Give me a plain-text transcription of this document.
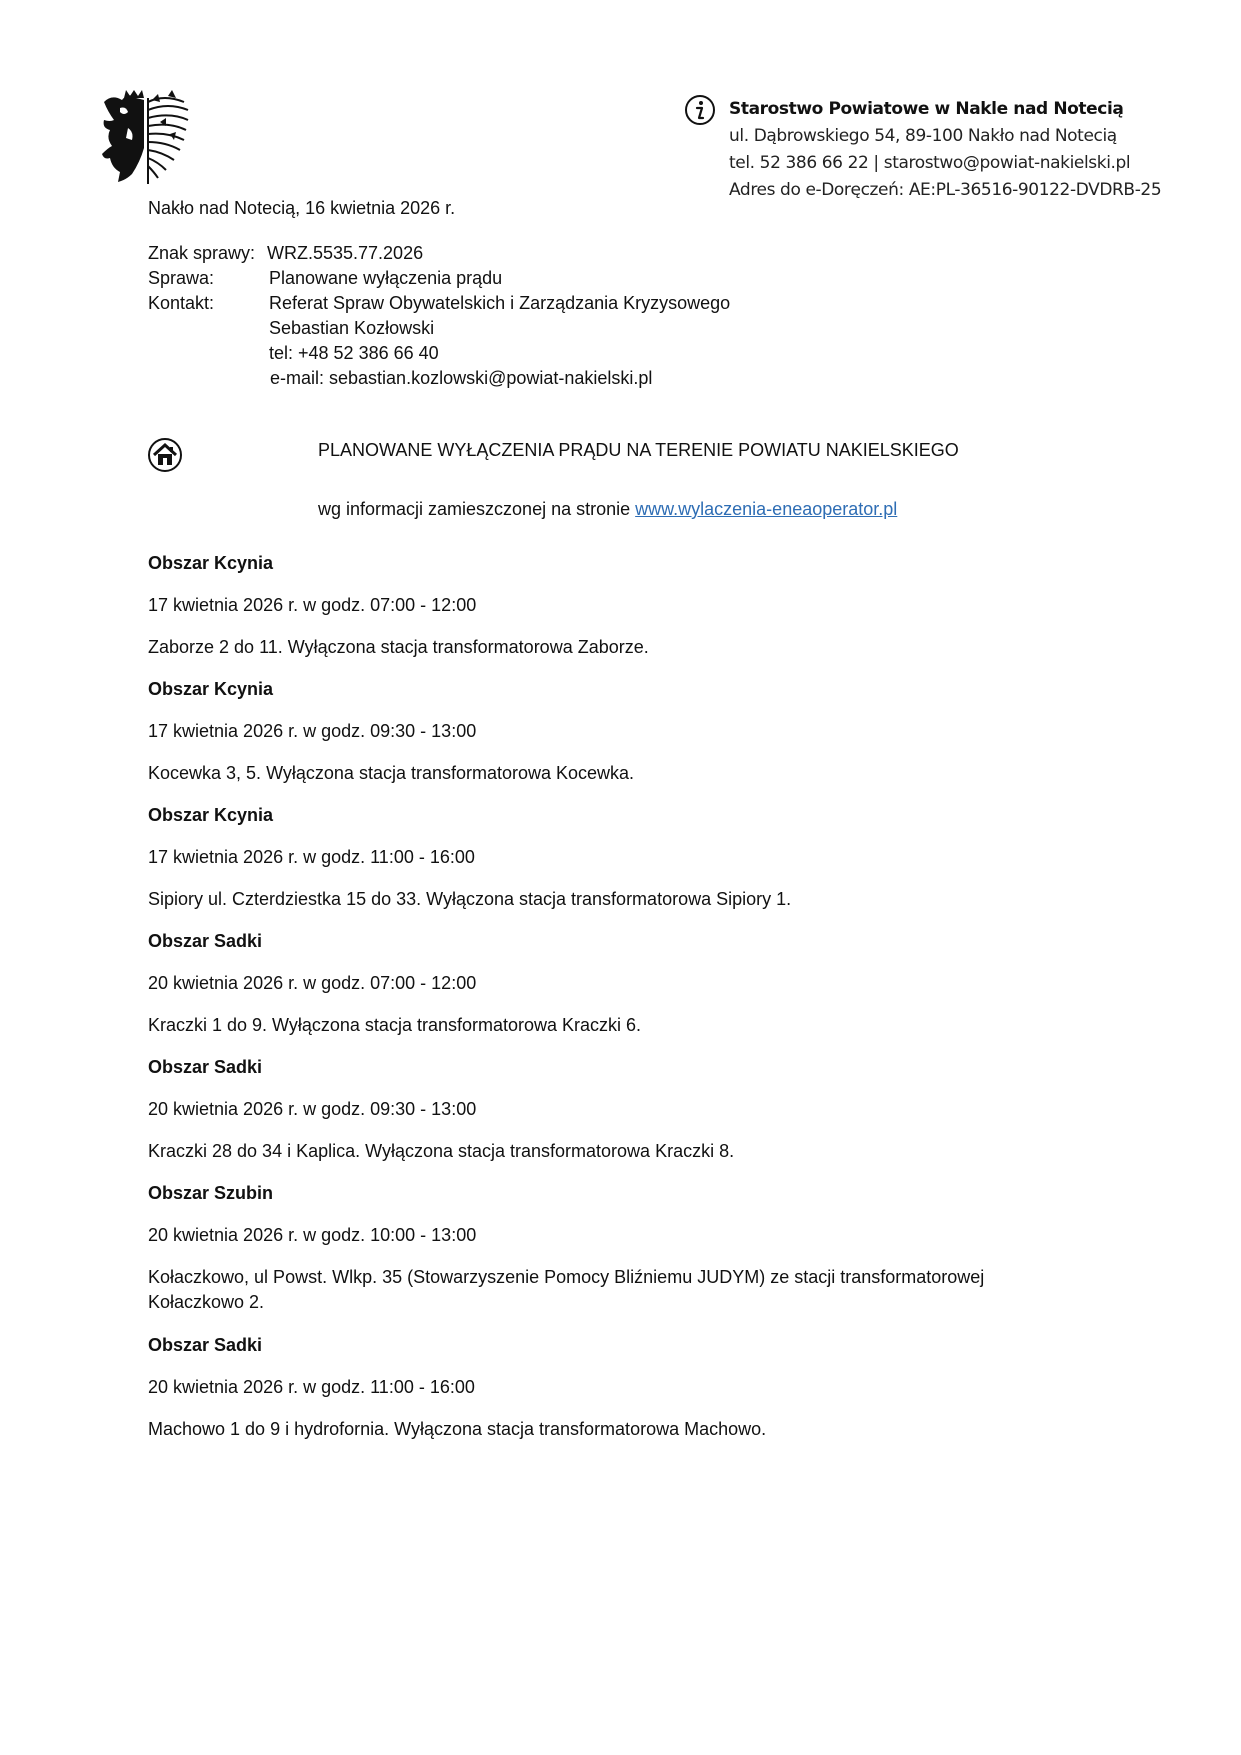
Starostwo Powiatowe w Nakle nad Notecią
ul. Dąbrowskiego 54, 89-100 Nakło nad Notecią
tel. 52 386 66 22 | starostwo@powiat-nakielski.pl
Adres do e-Doręczeń: AE:PL-36516-90122-DVDRB-25
Nakło nad Notecią, 16 kwietnia 2026 r.
Znak sprawy: WRZ.5535.77.2026
Sprawa:	Planowane wyłączenia prądu
Kontakt:	Referat Spraw Obywatelskich i Zarządzania Kryzysowego
Sebastian Kozłowski
tel: +48 52 386 66 40
e-mail: sebastian.kozlowski@powiat-nakielski.pl
PLANOWANE WYŁĄCZENIA PRĄDU NA TERENIE POWIATU NAKIELSKIEGO
wg informacji zamieszczonej na stronie www.wylaczenia-eneaoperator.pl
Obszar Kcynia
17 kwietnia 2026 r. w godz. 07:00 - 12:00
Zaborze 2 do 11. Wyłączona stacja transformatorowa Zaborze.
Obszar Kcynia
17 kwietnia 2026 r. w godz. 09:30 - 13:00
Kocewka 3, 5. Wyłączona stacja transformatorowa Kocewka.
Obszar Kcynia
17 kwietnia 2026 r. w godz. 11:00 - 16:00
Sipiory ul. Czterdziestka 15 do 33. Wyłączona stacja transformatorowa Sipiory 1.
Obszar Sadki
20 kwietnia 2026 r. w godz. 07:00 - 12:00
Kraczki 1 do 9. Wyłączona stacja transformatorowa Kraczki 6.
Obszar Sadki
20 kwietnia 2026 r. w godz. 09:30 - 13:00
Kraczki 28 do 34 i Kaplica. Wyłączona stacja transformatorowa Kraczki 8.
Obszar Szubin
20 kwietnia 2026 r. w godz. 10:00 - 13:00
Kołaczkowo, ul Powst. Wlkp. 35 (Stowarzyszenie Pomocy Bliźniemu JUDYM) ze stacji transformatorowej
Kołaczkowo 2.
Obszar Sadki
20 kwietnia 2026 r. w godz. 11:00 - 16:00
Machowo 1 do 9 i hydrofornia. Wyłączona stacja transformatorowa Machowo.
